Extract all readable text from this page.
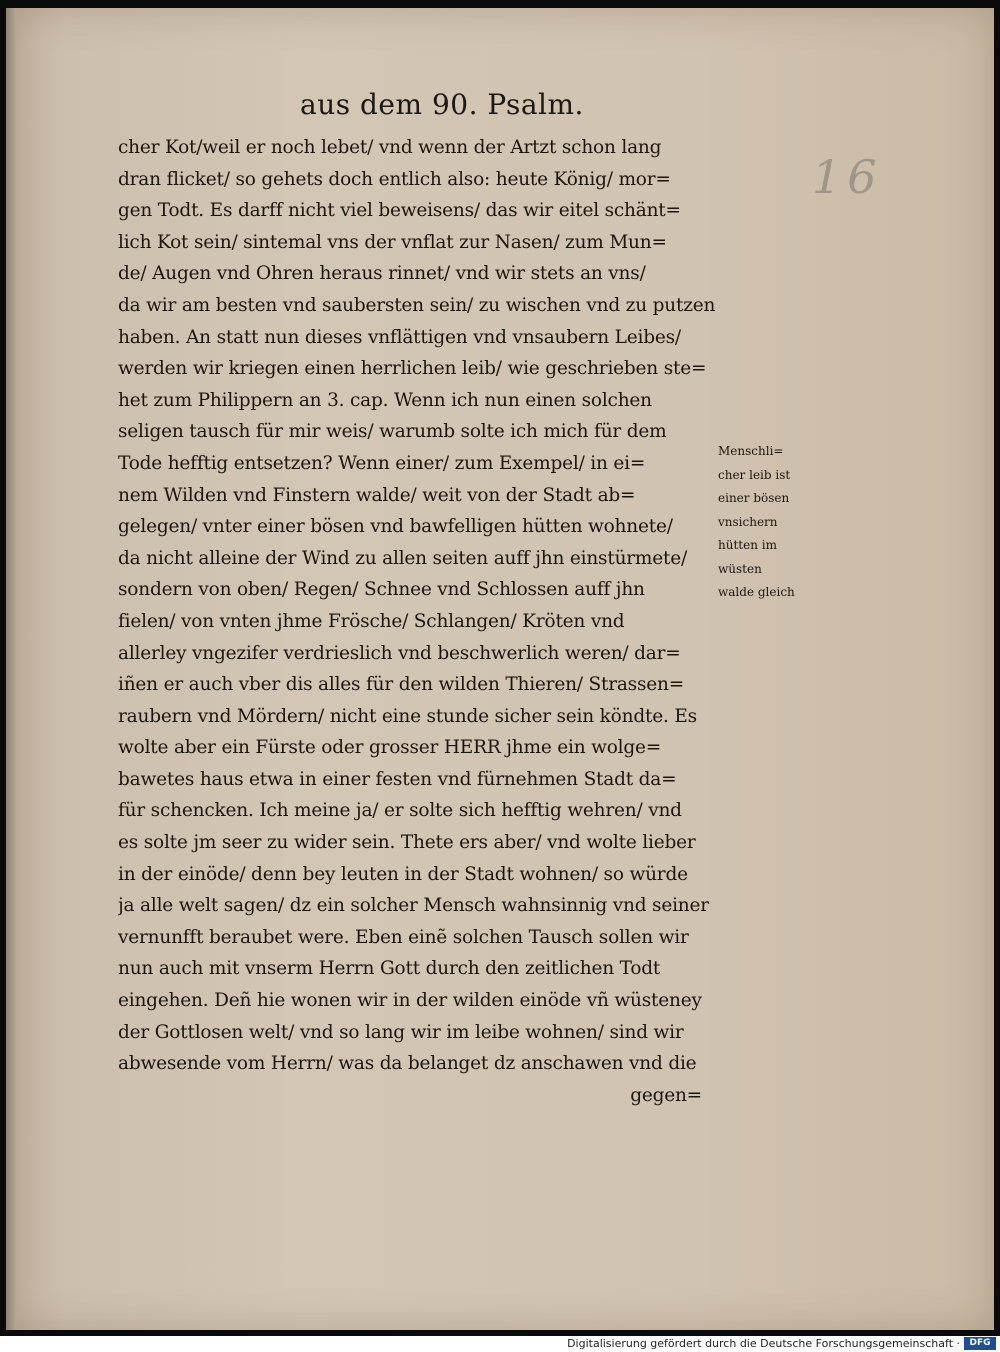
aus dem 90. Psalm.
16
cher Kot/weil er noch lebet/ vnd wenn der Artzt schon lang
dran flicket/ so gehets doch entlich also: heute König/ mor=
gen Todt. Es darff nicht viel beweisens/ das wir eitel schänt=
lich Kot sein/ sintemal vns der vnflat zur Nasen/ zum Mun=
de/ Augen vnd Ohren heraus rinnet/ vnd wir stets an vns/
da wir am besten vnd saubersten sein/ zu wischen vnd zu putzen
haben. An statt nun dieses vnflättigen vnd vnsaubern Leibes/
werden wir kriegen einen herrlichen leib/ wie geschrieben ste=
het zum Philippern an 3. cap. Wenn ich nun einen solchen
seligen tausch für mir weis/ warumb solte ich mich für dem
Tode hefftig entsetzen? Wenn einer/ zum Exempel/ in ei=
nem Wilden vnd Finstern walde/ weit von der Stadt ab=
gelegen/ vnter einer bösen vnd bawfelligen hütten wohnete/
da nicht alleine der Wind zu allen seiten auff jhn einstürmete/
sondern von oben/ Regen/ Schnee vnd Schlossen auff jhn
fielen/ von vnten jhme Frösche/ Schlangen/ Kröten vnd
allerley vngezifer verdrieslich vnd beschwerlich weren/ dar=
iñen er auch vber dis alles für den wilden Thieren/ Strassen=
raubern vnd Mördern/ nicht eine stunde sicher sein köndte. Es
wolte aber ein Fürste oder grosser HERR jhme ein wolge=
bawetes haus etwa in einer festen vnd fürnehmen Stadt da=
für schencken. Ich meine ja/ er solte sich hefftig wehren/ vnd
es solte jm seer zu wider sein. Thete ers aber/ vnd wolte lieber
in der einöde/ denn bey leuten in der Stadt wohnen/ so würde
ja alle welt sagen/ dz ein solcher Mensch wahnsinnig vnd seiner
vernunfft beraubet were. Eben einẽ solchen Tausch sollen wir
nun auch mit vnserm Herrn Gott durch den zeitlichen Todt
eingehen. Deñ hie wonen wir in der wilden einöde vñ wüsteney
der Gottlosen welt/ vnd so lang wir im leibe wohnen/ sind wir
abwesende vom Herrn/ was da belanget dz anschawen vnd die
gegen=
Menschli=
cher leib ist
einer bösen
vnsichern
hütten im
wüsten
walde gleich
Digitalisierung gefördert durch die Deutsche Forschungsgemeinschaft ·	DFG
